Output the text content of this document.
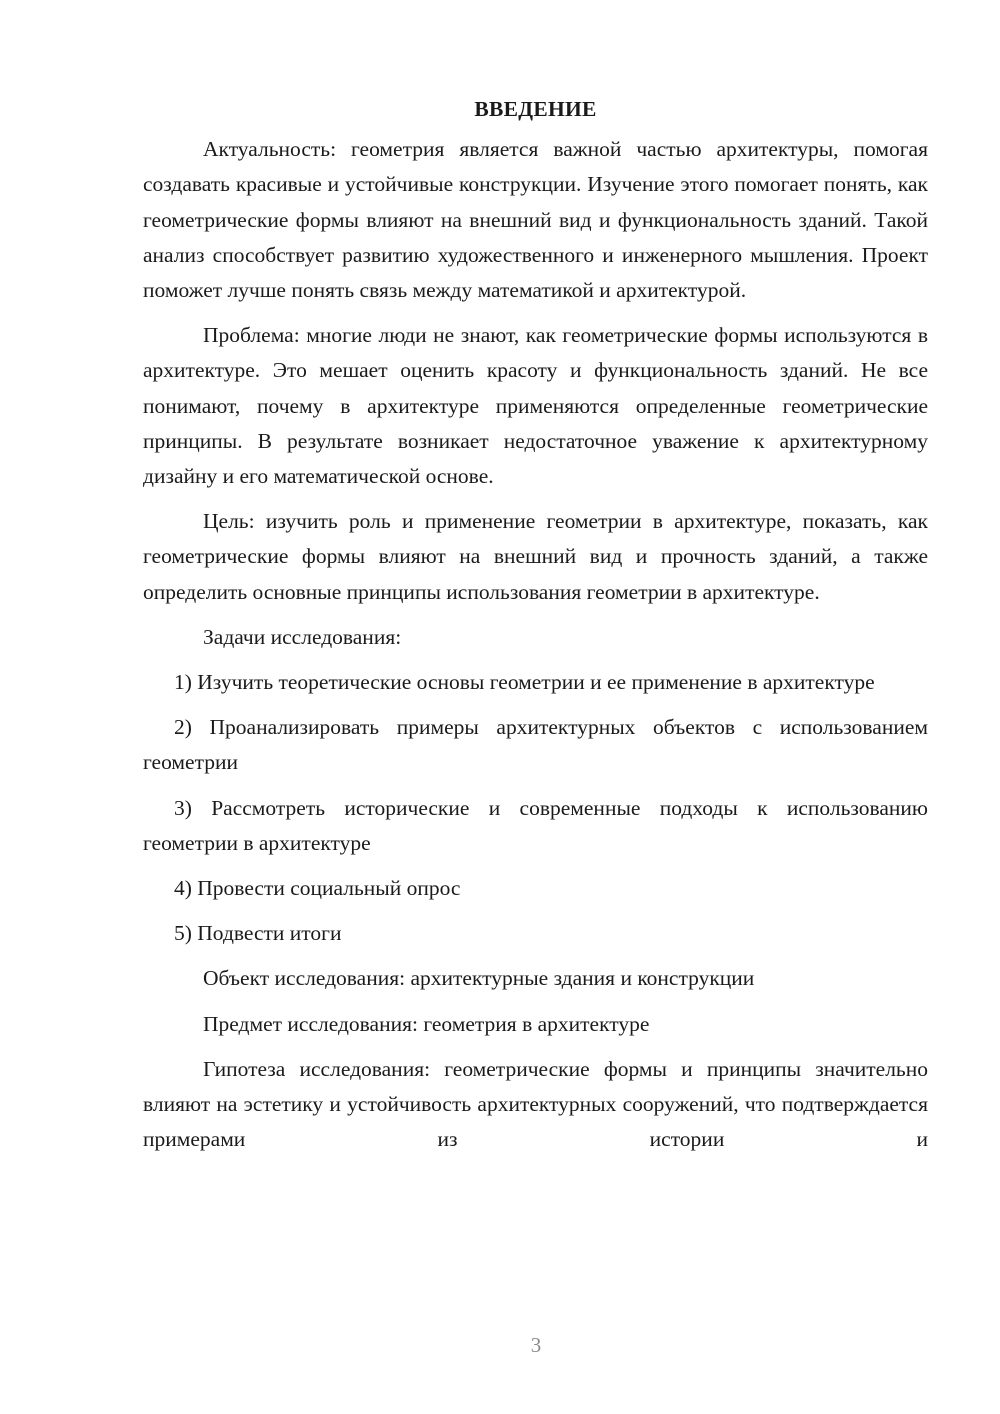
ВВЕДЕНИЕ

Актуальность: геометрия является важной частью архитектуры, помогая создавать красивые и устойчивые конструкции. Изучение этого помогает понять, как геометрические формы влияют на внешний вид и функциональность зданий. Такой анализ способствует развитию художественного и инженерного мышления. Проект поможет лучше понять связь между математикой и архитектурой.

Проблема: многие люди не знают, как геометрические формы используются в архитектуре. Это мешает оценить красоту и функциональность зданий. Не все понимают, почему в архитектуре применяются определенные геометрические принципы. В результате возникает недостаточное уважение к архитектурному дизайну и его математической основе.

Цель: изучить роль и применение геометрии в архитектуре, показать, как геометрические формы влияют на внешний вид и прочность зданий, а также определить основные принципы использования геометрии в архитектуре.

Задачи исследования:

1) Изучить теоретические основы геометрии и ее применение в архитектуре

2) Проанализировать примеры архитектурных объектов с использованием геометрии

3) Рассмотреть исторические и современные подходы к использованию геометрии в архитектуре

4) Провести социальный опрос

5) Подвести итоги

Объект исследования: архитектурные здания и конструкции

Предмет исследования: геометрия в архитектуре

Гипотеза исследования: геометрические формы и принципы значительно влияют на эстетику и устойчивость архитектурных сооружений, что подтверждается примерами из истории и

3
